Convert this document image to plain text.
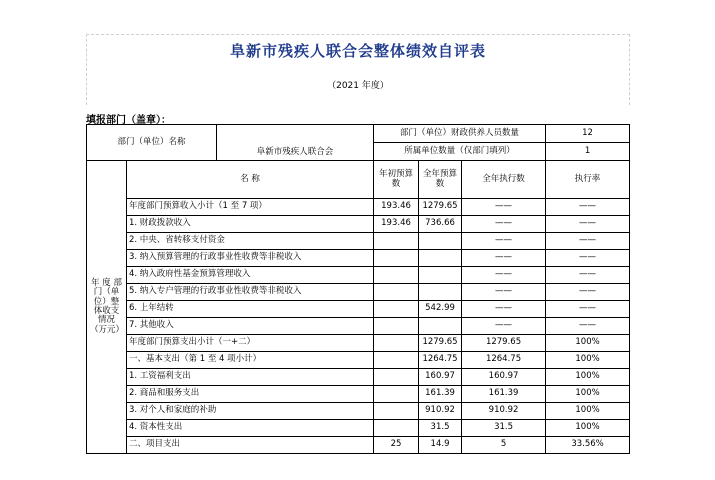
阜新市残疾人联合会整体绩效自评表
（2021 年度）
填报部门（盖章）：
部门（单位）名称		阜新市残疾人联合会	部门（单位）财政供养人员数量			12
			所属单位数量（仅部门填列）			1
年 度 部门（单位）整体收支情况（万元）	名 称		年初预算数	全年预算数	全年执行数	执行率
	年度部门预算收入小计（1 至 7 项）		193.46	1279.65	——	——
	1. 财政拨款收入		193.46	736.66	——	——
	2. 中央、省转移支付资金				——	——
	3. 纳入预算管理的行政事业性收费等非税收入				——	——
	4. 纳入政府性基金预算管理收入				——	——
	5. 纳入专户管理的行政事业性收费等非税收入				——	——
	6. 上年结转			542.99	——	——
	7. 其他收入				——	——
	年度部门预算支出小计（一+二）			1279.65	1279.65	100%
	一、基本支出（第 1 至 4 项小计）			1264.75	1264.75	100%
	1. 工资福利支出			160.97	160.97	100%
	2. 商品和服务支出			161.39	161.39	100%
	3. 对个人和家庭的补助			910.92	910.92	100%
	4. 资本性支出			31.5	31.5	100%
	二、项目支出		25	14.9	5	33.56%
